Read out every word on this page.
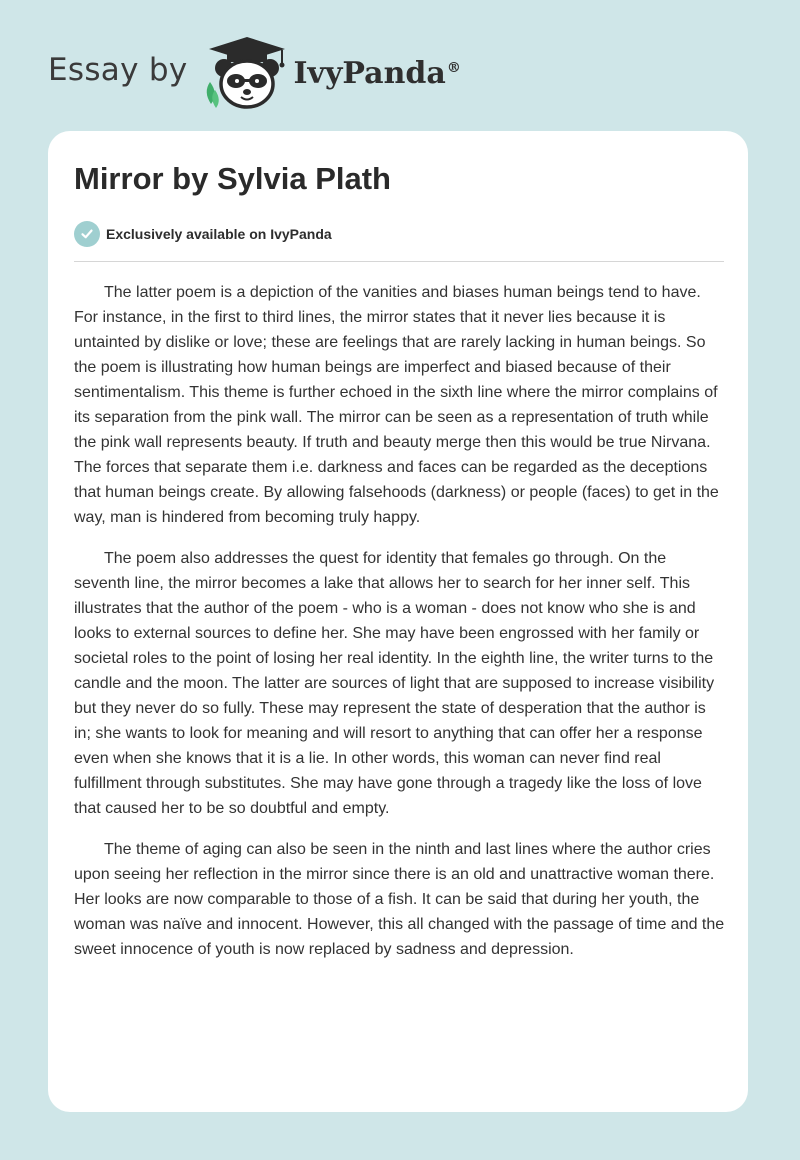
Essay by	IvyPanda®
Mirror by Sylvia Plath
Exclusively available on IvyPanda

The latter poem is a depiction of the vanities and biases human beings tend to have. For instance, in the first to third lines, the mirror states that it never lies because it is untainted by dislike or love; these are feelings that are rarely lacking in human beings. So the poem is illustrating how human beings are imperfect and biased because of their sentimentalism. This theme is further echoed in the sixth line where the mirror complains of its separation from the pink wall. The mirror can be seen as a representation of truth while the pink wall represents beauty. If truth and beauty merge then this would be true Nirvana. The forces that separate them i.e. darkness and faces can be regarded as the deceptions that human beings create. By allowing falsehoods (darkness) or people (faces) to get in the way, man is hindered from becoming truly happy.

The poem also addresses the quest for identity that females go through. On the seventh line, the mirror becomes a lake that allows her to search for her inner self. This illustrates that the author of the poem - who is a woman - does not know who she is and looks to external sources to define her. She may have been engrossed with her family or societal roles to the point of losing her real identity. In the eighth line, the writer turns to the candle and the moon. The latter are sources of light that are supposed to increase visibility but they never do so fully. These may represent the state of desperation that the author is in; she wants to look for meaning and will resort to anything that can offer her a response even when she knows that it is a lie. In other words, this woman can never find real fulfillment through substitutes. She may have gone through a tragedy like the loss of love that caused her to be so doubtful and empty.

The theme of aging can also be seen in the ninth and last lines where the author cries upon seeing her reflection in the mirror since there is an old and unattractive woman there. Her looks are now comparable to those of a fish. It can be said that during her youth, the woman was naïve and innocent. However, this all changed with the passage of time and the sweet innocence of youth is now replaced by sadness and depression.
